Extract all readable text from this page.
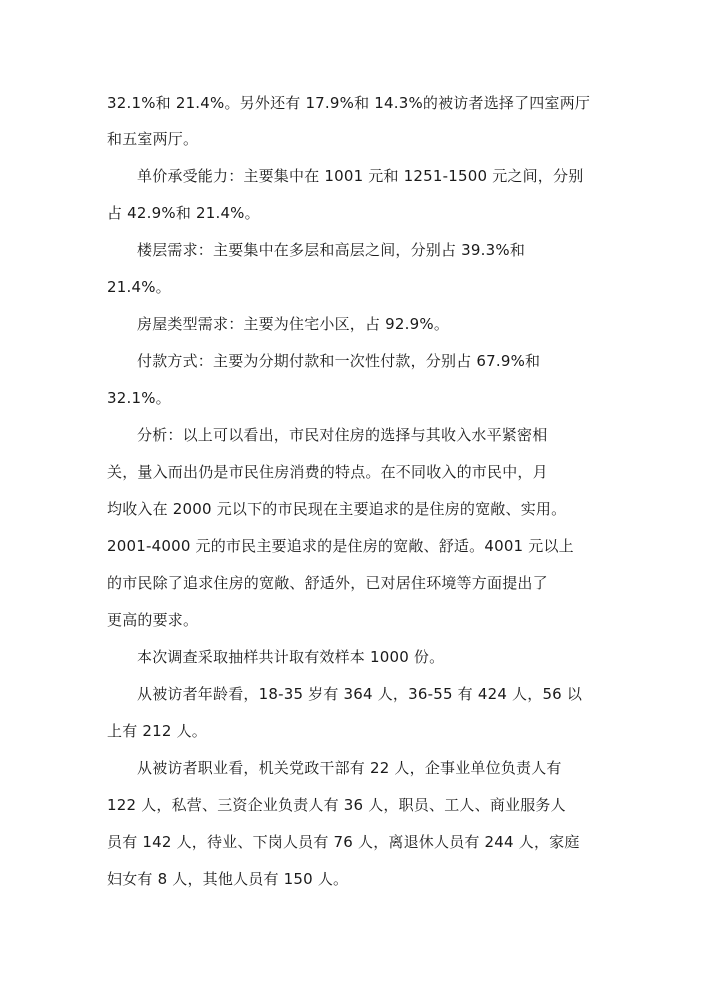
32.1%和 21.4%。另外还有 17.9%和 14.3%的被访者选择了四室两厅
和五室两厅。
单价承受能力：主要集中在 1001 元和 1251-1500 元之间，分别
占 42.9%和 21.4%。
楼层需求：主要集中在多层和高层之间，分别占 39.3%和
21.4%。
房屋类型需求：主要为住宅小区，占 92.9%。
付款方式：主要为分期付款和一次性付款，分别占 67.9%和
32.1%。
分析：以上可以看出，市民对住房的选择与其收入水平紧密相
关，量入而出仍是市民住房消费的特点。在不同收入的市民中，月
均收入在 2000 元以下的市民现在主要追求的是住房的宽敞、实用。
2001-4000 元的市民主要追求的是住房的宽敞、舒适。4001 元以上
的市民除了追求住房的宽敞、舒适外，已对居住环境等方面提出了
更高的要求。
本次调查采取抽样共计取有效样本 1000 份。
从被访者年龄看，18-35 岁有 364 人，36-55 有 424 人，56 以
上有 212 人。
从被访者职业看，机关党政干部有 22 人，企事业单位负责人有
122 人，私营、三资企业负责人有 36 人，职员、工人、商业服务人
员有 142 人，待业、下岗人员有 76 人，离退休人员有 244 人，家庭
妇女有 8 人，其他人员有 150 人。
